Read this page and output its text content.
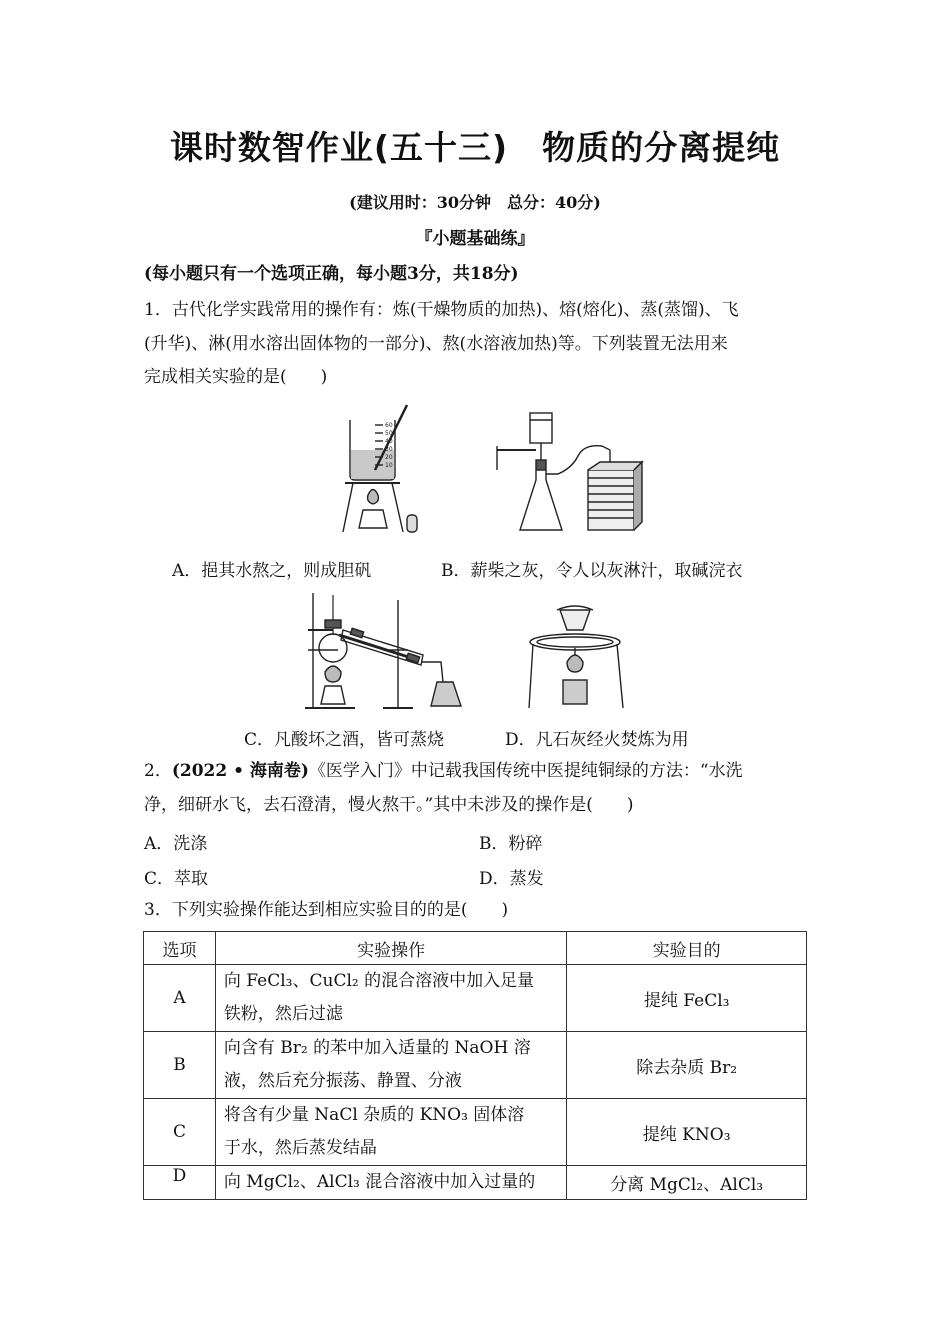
课时数智作业(五十三)　物质的分离提纯
(建议用时：30分钟　总分：40分)
『小题基础练』
(每小题只有一个选项正确，每小题3分，共18分)
1．古代化学实践常用的操作有：炼(干燥物质的加热)、熔(熔化)、蒸(蒸馏)、飞
(升华)、淋(用水溶出固体物的一部分)、熬(水溶液加热)等。下列装置无法用来
完成相关实验的是(　　)
60
50
40
30
20
10
A．挹其水熬之，则成胆矾	B．薪柴之灰，令人以灰淋汁，取碱浣衣
C．凡酸坏之酒，皆可蒸烧	D．凡石灰经火焚炼为用
2．(2022 • 海南卷)《医学入门》中记载我国传统中医提纯铜绿的方法：“水洗
净，细研水飞，去石澄清，慢火熬干。”其中未涉及的操作是(　　)
A．洗涤	B．粉碎
C．萃取	D．蒸发
3．下列实验操作能达到相应实验目的的是(　　)
选项	实验操作	实验目的
A	向 FeCl₃、CuCl₂ 的混合溶液中加入足量
铁粉，然后过滤	提纯 FeCl₃
B	向含有 Br₂ 的苯中加入适量的 NaOH 溶
液，然后充分振荡、静置、分液	除去杂质 Br₂
C	将含有少量 NaCl 杂质的 KNO₃ 固体溶
于水，然后蒸发结晶	提纯 KNO₃
D	向 MgCl₂、AlCl₃ 混合溶液中加入过量的	分离 MgCl₂、AlCl₃
